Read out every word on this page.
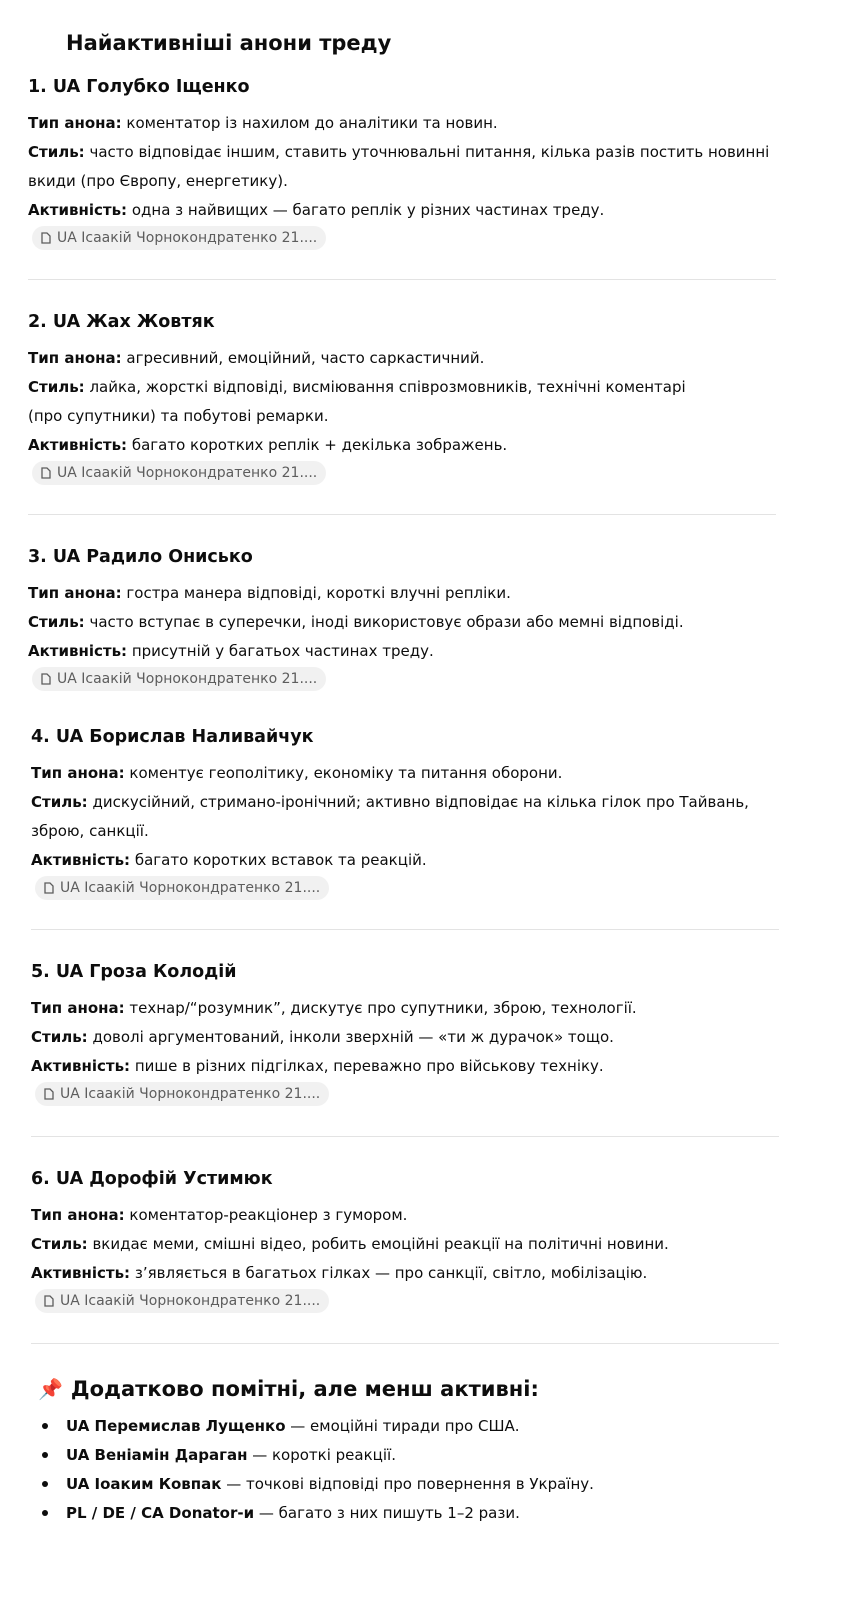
Найактивніші анони треду
1. UA Голубко Іщенко
Тип анона: коментатор із нахилом до аналітики та новин.
Стиль: часто відповідає іншим, ставить уточнювальні питання, кілька разів постить новинні вкиди (про Європу, енергетику).
Активність: одна з найвищих — багато реплік у різних частинах треду.
UA Ісаакій Чорнокондратенко 21....
2. UA Жах Жовтяк
Тип анона: агресивний, емоційний, часто саркастичний.
Стиль: лайка, жорсткі відповіді, висміювання співрозмовників, технічні коментарі (про супутники) та побутові ремарки.
Активність: багато коротких реплік + декілька зображень.
UA Ісаакій Чорнокондратенко 21....
3. UA Радило Онисько
Тип анона: гостра манера відповіді, короткі влучні репліки.
Стиль: часто вступає в суперечки, іноді використовує образи або мемні відповіді.
Активність: присутній у багатьох частинах треду.
UA Ісаакій Чорнокондратенко 21....
4. UA Борислав Наливайчук
Тип анона: коментує геополітику, економіку та питання оборони.
Стиль: дискусійний, стримано-іронічний; активно відповідає на кілька гілок про Тайвань, зброю, санкції.
Активність: багато коротких вставок та реакцій.
UA Ісаакій Чорнокондратенко 21....
5. UA Гроза Колодій
Тип анона: технар/“розумник”, дискутує про супутники, зброю, технології.
Стиль: доволі аргументований, інколи зверхній — «ти ж дурачок» тощо.
Активність: пише в різних підгілках, переважно про військову техніку.
UA Ісаакій Чорнокондратенко 21....
6. UA Дорофій Устимюк
Тип анона: коментатор-реакціонер з гумором.
Стиль: вкидає меми, смішні відео, робить емоційні реакції на політичні новини.
Активність: з’являється в багатьох гілках — про санкції, світло, мобілізацію.
UA Ісаакій Чорнокондратенко 21....
📌 Додатково помітні, але менш активні:
UA Перемислав Лущенко — емоційні тиради про США.
UA Веніамін Дараган — короткі реакції.
UA Іоаким Ковпак — точкові відповіді про повернення в Україну.
PL / DE / CA Donator-и — багато з них пишуть 1–2 рази.
